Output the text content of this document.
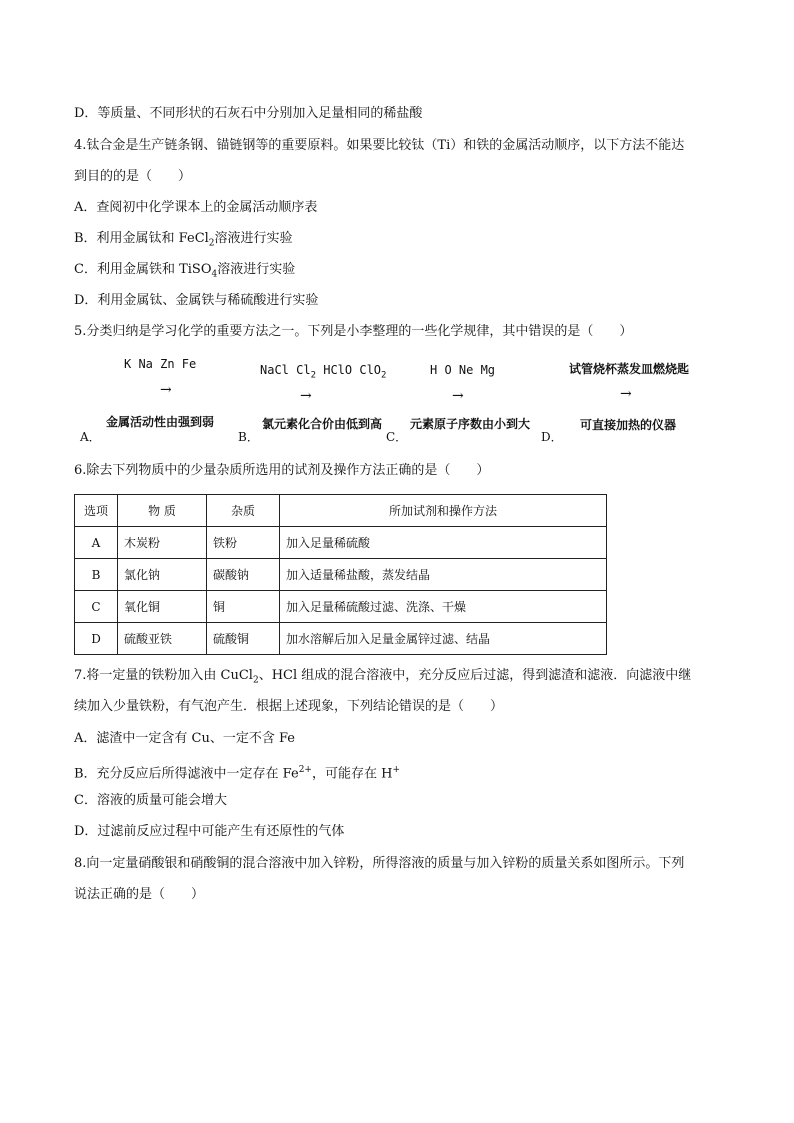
D．等质量、不同形状的石灰石中分别加入足量相同的稀盐酸
4.钛合金是生产链条钢、锚链钢等的重要原料。如果要比较钛（Ti）和铁的金属活动顺序，以下方法不能达
到目的的是（　　）
A．查阅初中化学课本上的金属活动顺序表
B．利用金属钛和 FeCl$_2$溶液进行实验
C．利用金属铁和 TiSO$_4$溶液进行实验
D．利用金属钛、金属铁与稀硫酸进行实验
5.分类归纳是学习化学的重要方法之一。下列是小李整理的一些化学规律，其中错误的是（　　）
K Na Zn Fe
→
金属活动性由强到弱
A．
NaCl $Cl_2$ HClO ClO$_2$
→
氯元素化合价由低到高
B．
H O Ne Mg
→
元素原子序数由小到大
C．
试管烧杯蒸发皿燃烧匙
→
可直接加热的仪器
D．
6.除去下列物质中的少量杂质所选用的试剂及操作方法正确的是（　　）
选项	物 质	杂质	所加试剂和操作方法
A	木炭粉	铁粉	加入足量稀硫酸
B	氯化钠	碳酸钠	加入适量稀盐酸，蒸发结晶
C	氧化铜	铜	加入足量稀硫酸过滤、洗涤、干燥
D	硫酸亚铁	硫酸铜	加水溶解后加入足量金属锌过滤、结晶
7.将一定量的铁粉加入由 CuCl$_2$、HCl 组成的混合溶液中，充分反应后过滤，得到滤渣和滤液．向滤液中继
续加入少量铁粉，有气泡产生．根据上述现象，下列结论错误的是（　　）
A．滤渣中一定含有 Cu、一定不含 Fe
B．充分反应后所得滤液中一定存在 $Fe^{2+}$，可能存在 H+
C．溶液的质量可能会增大
D．过滤前反应过程中可能产生有还原性的气体
8.向一定量硝酸银和硝酸铜的混合溶液中加入锌粉，所得溶液的质量与加入锌粉的质量关系如图所示。下列
说法正确的是（　　）
